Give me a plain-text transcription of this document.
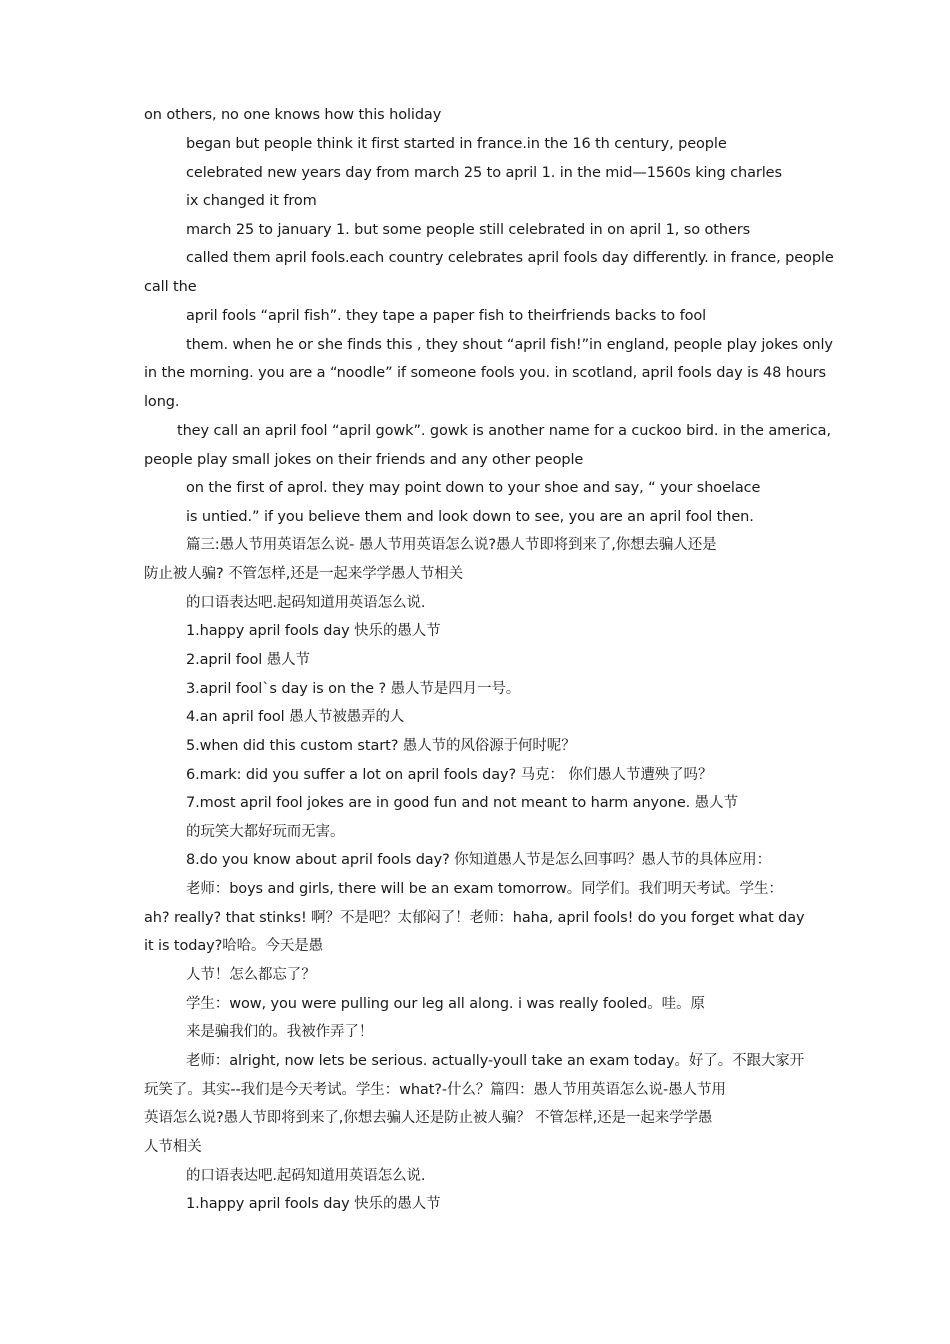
on others, no one knows how this holiday
began but people think it first started in france.in the 16 th century, people
celebrated new years day from march 25 to april 1. in the mid—1560s king charles
ix changed it from
march 25 to january 1. but some people still celebrated in on april 1, so others
called them april fools.each country celebrates april fools day differently. in france, people
call the
april fools “april fish”. they tape a paper fish to theirfriends backs to fool
them. when he or she finds this , they shout “april fish!”in england, people play jokes only
in the morning. you are a “noodle” if someone fools you. in scotland, april fools day is 48 hours
long.
they call an april fool “april gowk”. gowk is another name for a cuckoo bird. in the america,
people play small jokes on their friends and any other people
on the first of aprol. they may point down to your shoe and say, “ your shoelace
is untied.” if you believe them and look down to see, you are an april fool then.
篇三:愚人节用英语怎么说- 愚人节用英语怎么说?愚人节即将到来了,你想去骗人还是
防止被人骗? 不管怎样,还是一起来学学愚人节相关
的口语表达吧.起码知道用英语怎么说.
1.happy april fools day 快乐的愚人节
2.april fool 愚人节
3.april fool`s day is on the ? 愚人节是四月一号。
4.an april fool 愚人节被愚弄的人
5.when did this custom start? 愚人节的风俗源于何时呢？
6.mark: did you suffer a lot on april fools day? 马克： 你们愚人节遭殃了吗？
7.most april fool jokes are in good fun and not meant to harm anyone. 愚人节
的玩笑大都好玩而无害。
8.do you know about april fools day? 你知道愚人节是怎么回事吗？愚人节的具体应用：
老师：boys and girls, there will be an exam tomorrow。同学们。我们明天考试。学生：
ah? really? that stinks! 啊？不是吧？太郁闷了！老师：haha, april fools! do you forget what day
it is today?哈哈。今天是愚
人节！怎么都忘了？
学生：wow, you were pulling our leg all along. i was really fooled。哇。原
来是骗我们的。我被作弄了！
老师：alright, now lets be serious. actually-youll take an exam today。好了。不跟大家开
玩笑了。其实--我们是今天考试。学生：what?-什么？篇四：愚人节用英语怎么说-愚人节用
英语怎么说?愚人节即将到来了,你想去骗人还是防止被人骗？ 不管怎样,还是一起来学学愚
人节相关
的口语表达吧.起码知道用英语怎么说.
1.happy april fools day 快乐的愚人节
